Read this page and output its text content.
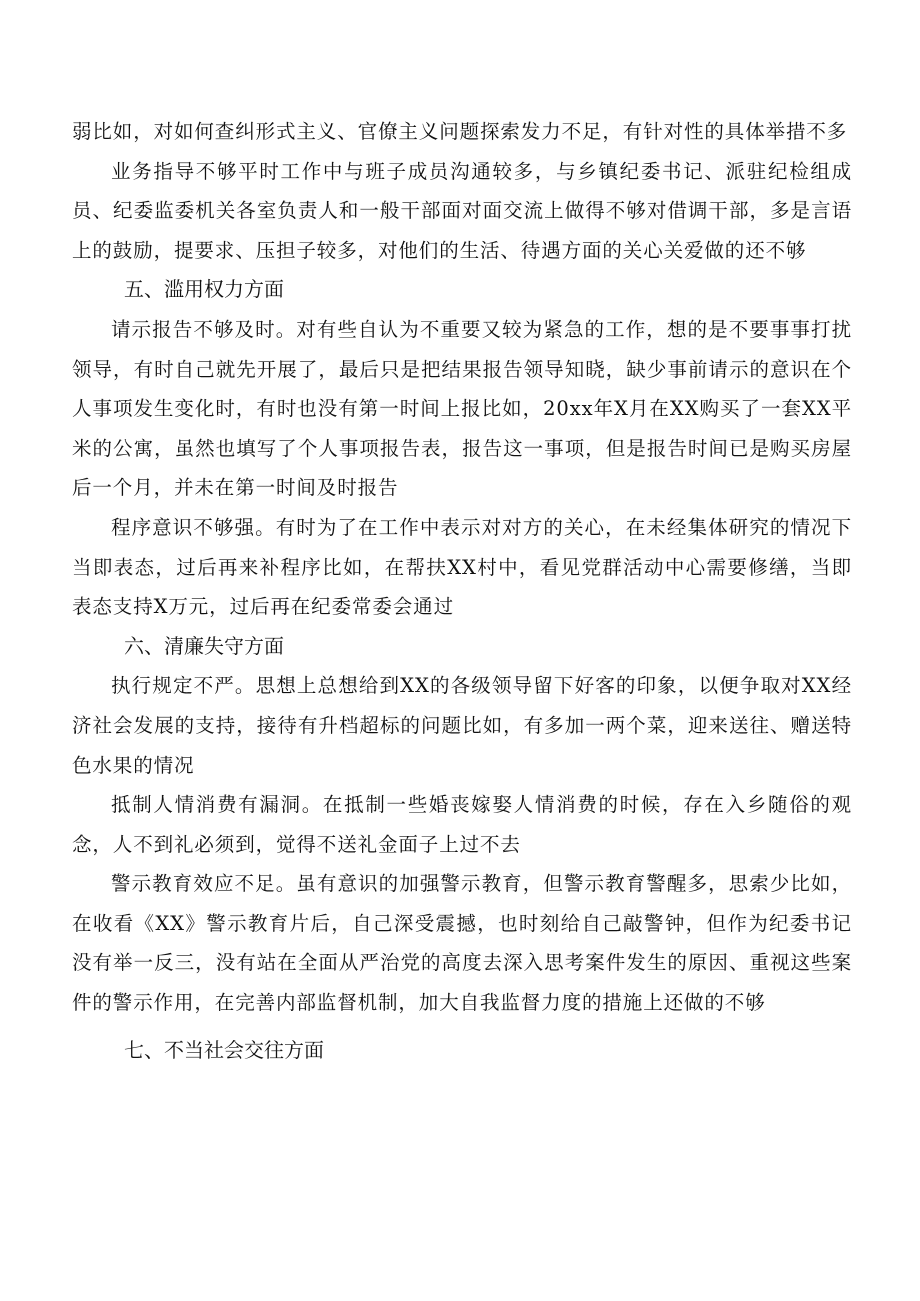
弱比如，对如何查纠形式主义、官僚主义问题探索发力不足，有针对性的具体举措不多

业务指导不够平时工作中与班子成员沟通较多，与乡镇纪委书记、派驻纪检组成员、纪委监委机关各室负责人和一般干部面对面交流上做得不够对借调干部，多是言语上的鼓励，提要求、压担子较多，对他们的生活、待遇方面的关心关爱做的还不够

五、滥用权力方面

请示报告不够及时。对有些自认为不重要又较为紧急的工作，想的是不要事事打扰领导，有时自己就先开展了，最后只是把结果报告领导知晓，缺少事前请示的意识在个人事项发生变化时，有时也没有第一时间上报比如，20xx年X月在XX购买了一套XX平米的公寓，虽然也填写了个人事项报告表，报告这一事项，但是报告时间已是购买房屋后一个月，并未在第一时间及时报告

程序意识不够强。有时为了在工作中表示对对方的关心，在未经集体研究的情况下当即表态，过后再来补程序比如，在帮扶XX村中，看见党群活动中心需要修缮，当即表态支持X万元，过后再在纪委常委会通过

六、清廉失守方面

执行规定不严。思想上总想给到XX的各级领导留下好客的印象，以便争取对XX经济社会发展的支持，接待有升档超标的问题比如，有多加一两个菜，迎来送往、赠送特色水果的情况

抵制人情消费有漏洞。在抵制一些婚丧嫁娶人情消费的时候，存在入乡随俗的观念，人不到礼必须到，觉得不送礼金面子上过不去

警示教育效应不足。虽有意识的加强警示教育，但警示教育警醒多，思索少比如，在收看《XX》警示教育片后，自己深受震撼，也时刻给自己敲警钟，但作为纪委书记没有举一反三，没有站在全面从严治党的高度去深入思考案件发生的原因、重视这些案件的警示作用，在完善内部监督机制，加大自我监督力度的措施上还做的不够

七、不当社会交往方面
